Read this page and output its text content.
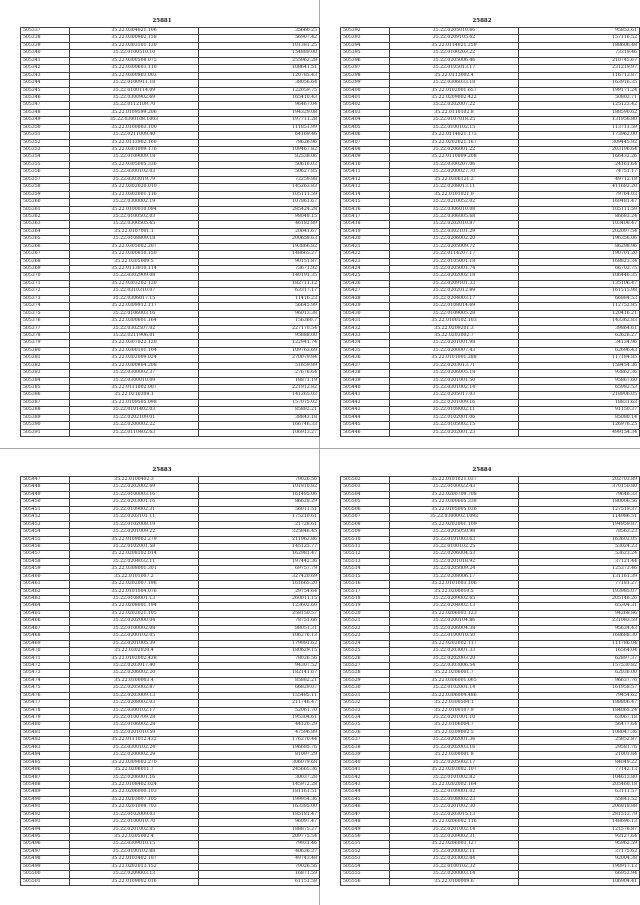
25881
505337	35.22.0304021.106	35660.25
505338	35.22.0300902.158	56907.42
505339	35.22.0303101.130	101381.25
505340	35.22.0100510.10	154889.00
505341	35.22.0300508.075	255962.28
505342	35.22.0300603.110	108641.51
505343	35.22.0300903.003	120785.43
505344	35.22.0100911.18	38056.64
505345	35.22.0100114.09	122059.75
505346	35.22.0300902.69	165410.43
505347	35.22.0112109.70	96467.04
505348	35.22.0109599.206	194329.08
505349	35.22.0300108.1003	197711.28
505350	35.22.0100003.100	111851.99
505351	35.22.0211009.40	64169.46
505352	35.22.0113902.160	78626.96
505353	35.22.0301009.176	109467.82
505354	35.22.0109009.18	82538.06
505355	35.22.0305005.336	50616.03
505356	35.22.0300102.03	50627.85
505357	35.22.0303019.79	72259.88
505358	35.22.0302020.010	145263.83
505359	35.22.0302001.116	105111.59
505360	35.22.0300002.19	107861.67
505361	35.22.0100010.094	285424.28
505362	35.22.0100502.03	98048.15
505363	35.22.0300505.65	46182.89
505364	35.22.0107001.1	20041.67
505365	35.22.0108809.18	200658.63
505366	35.22.0305002.207	193866.82
505367	35.22.0300810.150	148665.27
505368	35.22.0305009.5	90151.87
505369	35.22.0113010.114	73671.92
505370	35.22.0302909.08	140191.35
505371	35.22.0303202.130	182711.12
505372	35.22.0310310.07	63317.17
505373	35.22.0306017.15	11416.23
505374	35.22.0309912.117	56645.99
505375	35.22.0106003.16	96013.38
505376	35.22.0300601.164	156360.7
505377	35.22.0302507.02	227170.54
505378	35.22.0211906.01	95888.00
505379	35.22.0307022.120	122941.74
505380	35.22.0300101.104	109763.69
505381	35.22.0302009.024	270079.84
505382	35.22.0300804.208	51659.89
505383	35.22.0300002.37	27676.64
505384	35.22.0300010.09	18871.19
505385	35.22.0111002.007	221912.82
505386	35.22.0210308.1	141265.03
505387	35.22.0109505.098	157075.02
505388	35.22.0101402.03	85882.21
505389	35.22.0202109.01	38843.18
505390	35.22.0200002.22	166746.33
505391	35.22.0110402.63	106913.27
25882
505392	35.22.0205010.66	95852.61
505393	35.22.0209105.62	157116.52
505394	35.22.0114021.259	188606.48
505395	35.22.0100203.22	73319.46
505396	35.22.0205006.46	210745.67
505397	35.22.0105013.17	231219.97
505398	35.22.0113002.4	116713.87
505399	35.22.0306033.18	163916.35
505400	35.22.0102001.657	199171.24
505401	35.22.0209002.422	50802.71
505402	35.22.0202007.22	125123.42
505403	35.22.0110102.8	188590.62
505404	35.22.0107018.25	131956.80
505405	35.22.0100102.15	113711.59
505406	35.22.0114021.173	173962.00
505407	35.22.0202021.167	309445.92
505408	35.22.0206001.22	203196.64
505409	35.22.0110009.208	166432.26
505410	35.22.0300207.06	24161.64
505411	35.22.0200027.70	74751.17
505412	35.22.0306121.2	49712.18
505413	35.22.0208013.11	411682.20
505414	35.22.0101021.0	79764.03
505415	35.22.0210052.02	169481.47
505416	35.22.0306010.08	105111.59
505417	35.22.0306005.68	86683.24
505418	35.22.0202010.87	103408.47
505419	35.22.0302101.29	202097.54
505420	35.22.0206002.20	196356.06
505421	35.22.0205009.72	86298.96
505422	35.22.0114207.17	190701.20
505423	35.22.0105001.18	168823.34
505424	35.22.0205001.74	66702.75
505425	35.22.0202002.18	106446.35
505426	35.22.0209101.33	135106.47
505427	35.22.0202012.89	161515.98
505428	35.22.0204003.17	66884.53
505429	35.22.0108014.69	112752.85
505430	35.22.0109005.28	120416.21
505431	35.22.0100102.103	143362.83
505432	35.22.0209201.3	39864.61
505433	35.22.0203002.7	62626.27
505434	35.22.0201001.98	34134.96
505435	35.22.0200007.43	62696.43
505436	35.22.0101001.288	117184.85
505437	35.22.0203013.71	158454.36
505438	35.22.0206005.18	93862.36
505439	35.22.0201001.50	95867.60
505440	35.22.0301002.14	65983.53
505441	35.22.0205017.03	218906.05
505442	35.22.0201009.16	18831.63
505443	35.22.0108002.11	91150.37
505444	35.22.0102001.06	85080.14
505445	35.22.0105002.15	126976.25
505446	35.22.0202001.23	499154.34
25883
505447	35.22.0100402.3	79026.56
505448	35.22.0202002.69	101810.82
505449	35.22.0100003.16	161485.06
505450	35.22.0203001.16	86628.29
505451	35.22.0109002.31	56011.51
505452	35.22.0203101.11	175210.61
505453	35.22.0102008.19	21728.61
505454	35.22.0201009.22	325846.45
505455	35.22.0109002.279	211962.86
505456	35.22.0102001.58	145125.77
505457	35.22.0208102.014	162981.47
505458	35.22.0204032.11	197442.36
505459	35.22.0308001.301	69757.79
505460	35.22.0101007.2	327420.69
505461	35.22.0202007.196	161665.20
505462	35.22.0101004.076	29754.64
505463	35.22.0108001.13	260011.15
505464	35.22.0208001.194	123602.60
505465	35.22.0202021.105	258150.57
505466	35.22.0202000.04	78751.66
505467	35.22.0100002.08	88051.31
505468	35.22.0200102.05	106276.13
505469	35.22.0201005.39	179991.62
505470	35.22.0302020.4	180629.15
505471	35.22.0102002.428	78026.56
505472	35.22.0203017.40	94307.52
505473	35.22.0206002.20	182141.67
505474	35.22.0300003.4	85882.21
505475	35.22.0205002.87	66829.07
505476	35.22.0203009.13	155485.11
505477	35.22.0208002.03	211746.47
505478	35.22.0300102.17	52061.70
505479	35.22.0100709.28	195304.61
505480	35.22.0106002.28	44120.29
505481	35.22.0201010.59	47596.89
505482	35.22.0111012.432	176270.44
505483	35.22.0300102.24	196685.76
505484	35.22.0200002.29	81097.29
505485	35.22.0309002.270	306079.68
505486	35.22.0206011.7	245665.36
505487	35.22.0206001.16	30037.28
505488	35.22.0108402.024	145972.28
505489	35.22.0206000.103	181161.51
505490	35.22.0203007.105	199954.36
505491	35.22.0201008.703	163385.00
505492	35.22.0102009.03	185181.47
505493	35.22.0100010.70	96097.47
505494	35.22.0201002.85	188875.27
505495	35.22.0305002.4	209775.54
505496	35.22.0309010.15	79931.46
505497	35.22.0100102.88	40636.37
505498	35.22.0103402.107	49743.48
505499	35.22.0202013.152	79026.56
505500	35.22.0209003.13	16871.59
505501	35.22.0109002.016	61151.58
25884
505502	35.22.0101021.037	202703.89
505503	35.22.0100022.43	370150.80
505504	35.22.0200709.708	79646.33
505505	35.22.0300605.338	180006.56
505506	35.22.0105005.036	127519.37
505507	35.22.0300002.1093	114986.51
505508	35.22.0202001.109	194959.87
505509	35.22.0205050.98	78563.23
505510	35.22.0101003.63	163603.05
505511	35.22.0100102.25	53024.23
505512	35.22.0206004.53	53623.24
505513	35.22.0201018.92	37121.44
505514	35.22.0205009.24	125373.46
505515	35.22.0208006.17	131161.39
505516	35.22.0101003.106	77181.27
505517	35.22.0200010.5	193985.07
505518	35.22.0209002.65	205146.26
505519	35.22.0204002.13	65304.31
505520	35.22.0206003.123	94268.86
505521	35.22.0200104.86	231083.59
505522	35.22.0206004.38	95634.43
505523	35.22.0100010.50	168688.30
505524	35.22.0202002.117	111786.04
505525	35.22.0203001.33	16564.04
505526	35.22.0202003.20	62897.37
505527	35.22.0303006.54	157530.82
505528	35.22.0206001.7	62036.00
505529	35.22.0306001.065	96637.76
505530	35.22.0102001.14	161958.57
505531	35.22.0306004.486	79454.62
505532	35.22.0300504.1	188806.47
505533	35.22.0100107.9	184065.24
505534	35.22.0201001.10	63067.18
505535	35.22.0106004.7	56477.64
505536	35.22.0209002.5	108047.36
505537	35.22.0202001.36	25852.87
505538	35.22.0202003.16	29581.76
505539	35.22.0300001.8	21001.84
505540	35.22.0205002.17	84049.22
505541	35.22.0203002.107	77142.13
505542	35.22.0101002.82	104613.80
505543	35.22.0202002.164	205460.18
505544	35.22.0109001.02	63111.57
505545	35.22.0108002.23	55841.52
505546	35.22.0201002.30	206818.88
505547	35.22.0203015.13	281513.79
505548	35.22.0206002.116	148696.13
505549	35.22.0201002.14	121576.87
505550	35.22.0209002.31	93127.64
505551	35.22.0206003.127	95962.59
505552	35.22.0200002.11	37175.62
505553	35.22.0203002.84	92004.38
505554	35.22.0100102.32	198917.13
505555	35.22.0200003.14	66952.94
505556	35.22.0100009.6	106904.41
